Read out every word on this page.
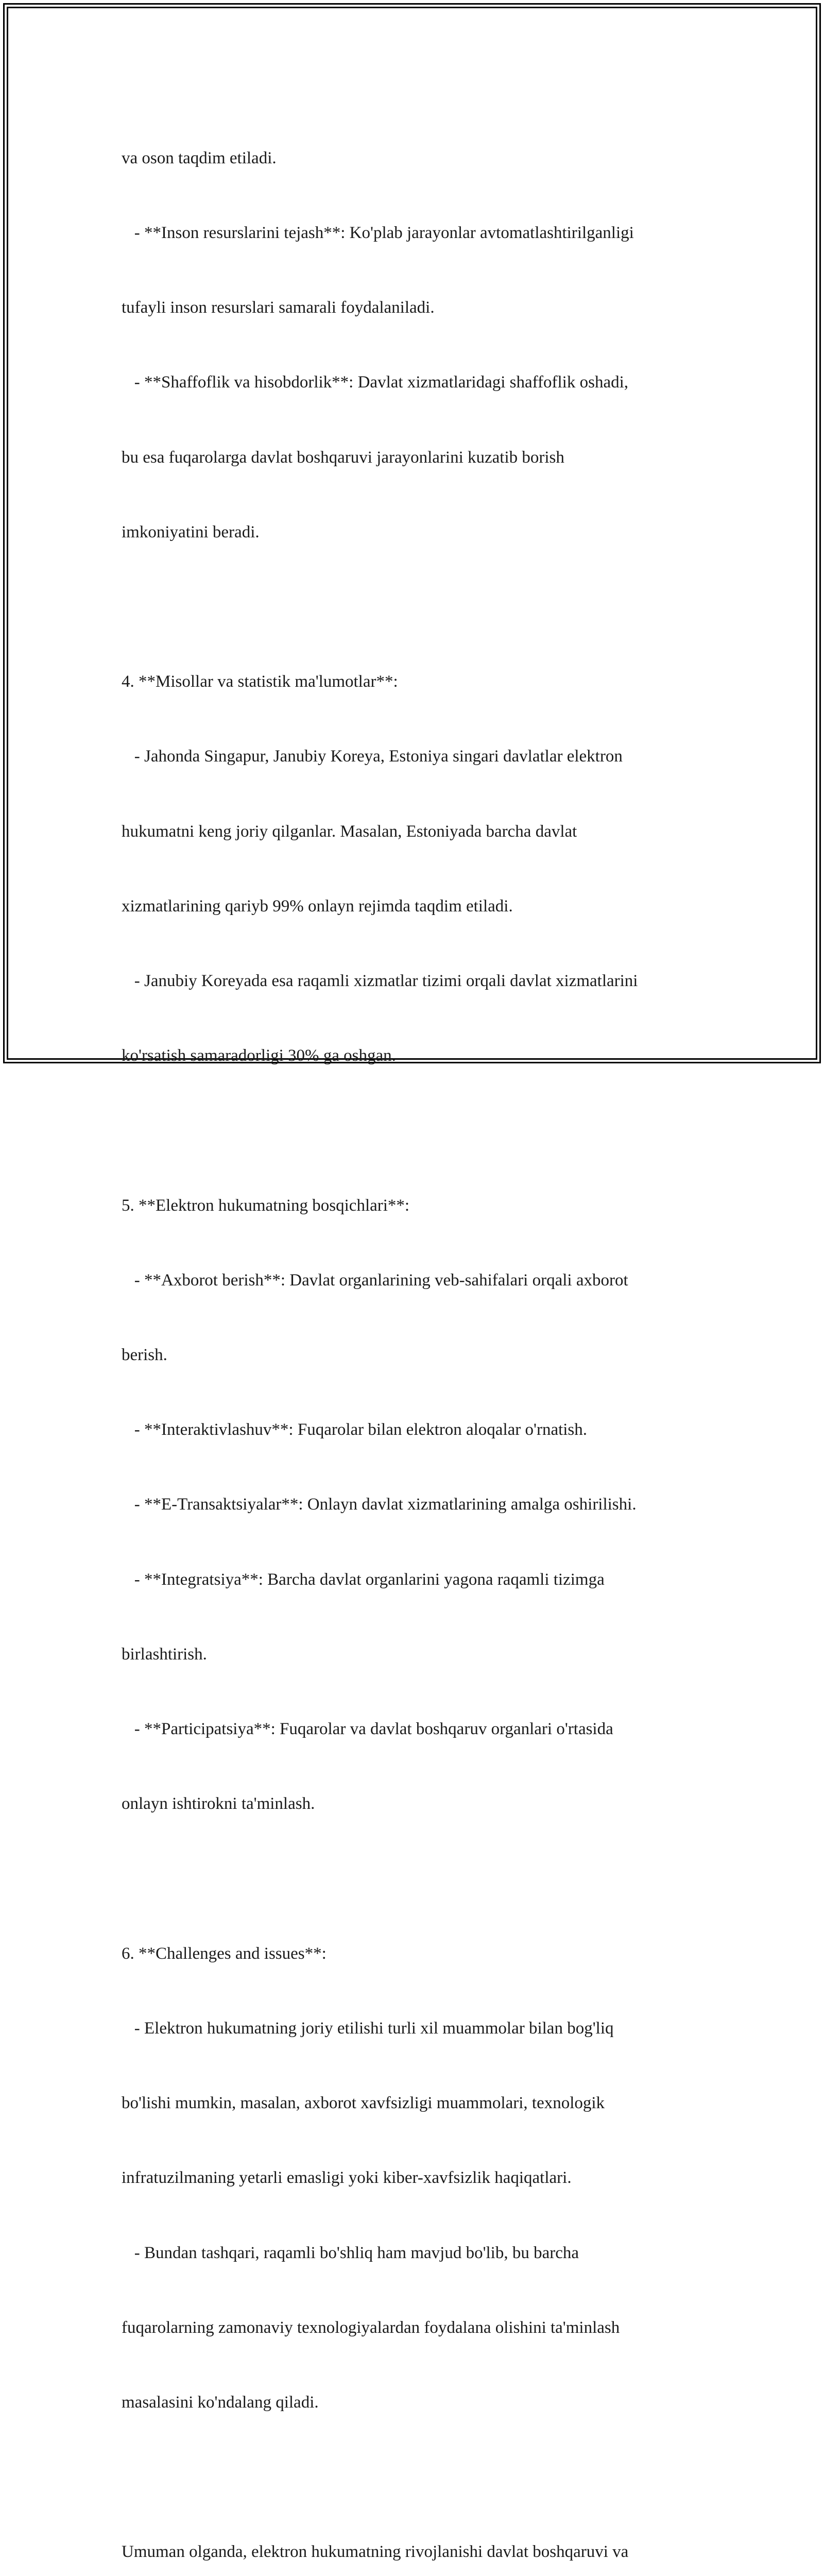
va oson taqdim etiladi.

- **Inson resurslarini tejash**: Ko'plab jarayonlar avtomatlashtirilganligi

tufayli inson resurslari samarali foydalaniladi.

- **Shaffoflik va hisobdorlik**: Davlat xizmatlaridagi shaffoflik oshadi,

bu esa fuqarolarga davlat boshqaruvi jarayonlarini kuzatib borish

imkoniyatini beradi.

4. **Misollar va statistik ma'lumotlar**:

- Jahonda Singapur, Janubiy Koreya, Estoniya singari davlatlar elektron

hukumatni keng joriy qilganlar. Masalan, Estoniyada barcha davlat

xizmatlarining qariyb 99% onlayn rejimda taqdim etiladi.

- Janubiy Koreyada esa raqamli xizmatlar tizimi orqali davlat xizmatlarini

ko'rsatish samaradorligi 30% ga oshgan.

5. **Elektron hukumatning bosqichlari**:

- **Axborot berish**: Davlat organlarining veb-sahifalari orqali axborot

berish.

- **Interaktivlashuv**: Fuqarolar bilan elektron aloqalar o'rnatish.

- **E-Transaktsiyalar**: Onlayn davlat xizmatlarining amalga oshirilishi.

- **Integratsiya**: Barcha davlat organlarini yagona raqamli tizimga

birlashtirish.

- **Participatsiya**: Fuqarolar va davlat boshqaruv organlari o'rtasida

onlayn ishtirokni ta'minlash.

6. **Challenges and issues**:

- Elektron hukumatning joriy etilishi turli xil muammolar bilan bog'liq

bo'lishi mumkin, masalan, axborot xavfsizligi muammolari, texnologik

infratuzilmaning yetarli emasligi yoki kiber-xavfsizlik haqiqatlari.

- Bundan tashqari, raqamli bo'shliq ham mavjud bo'lib, bu barcha

fuqarolarning zamonaviy texnologiyalardan foydalana olishini ta'minlash

masalasini ko'ndalang qiladi.

Umuman olganda, elektron hukumatning rivojlanishi davlat boshqaruvi va
